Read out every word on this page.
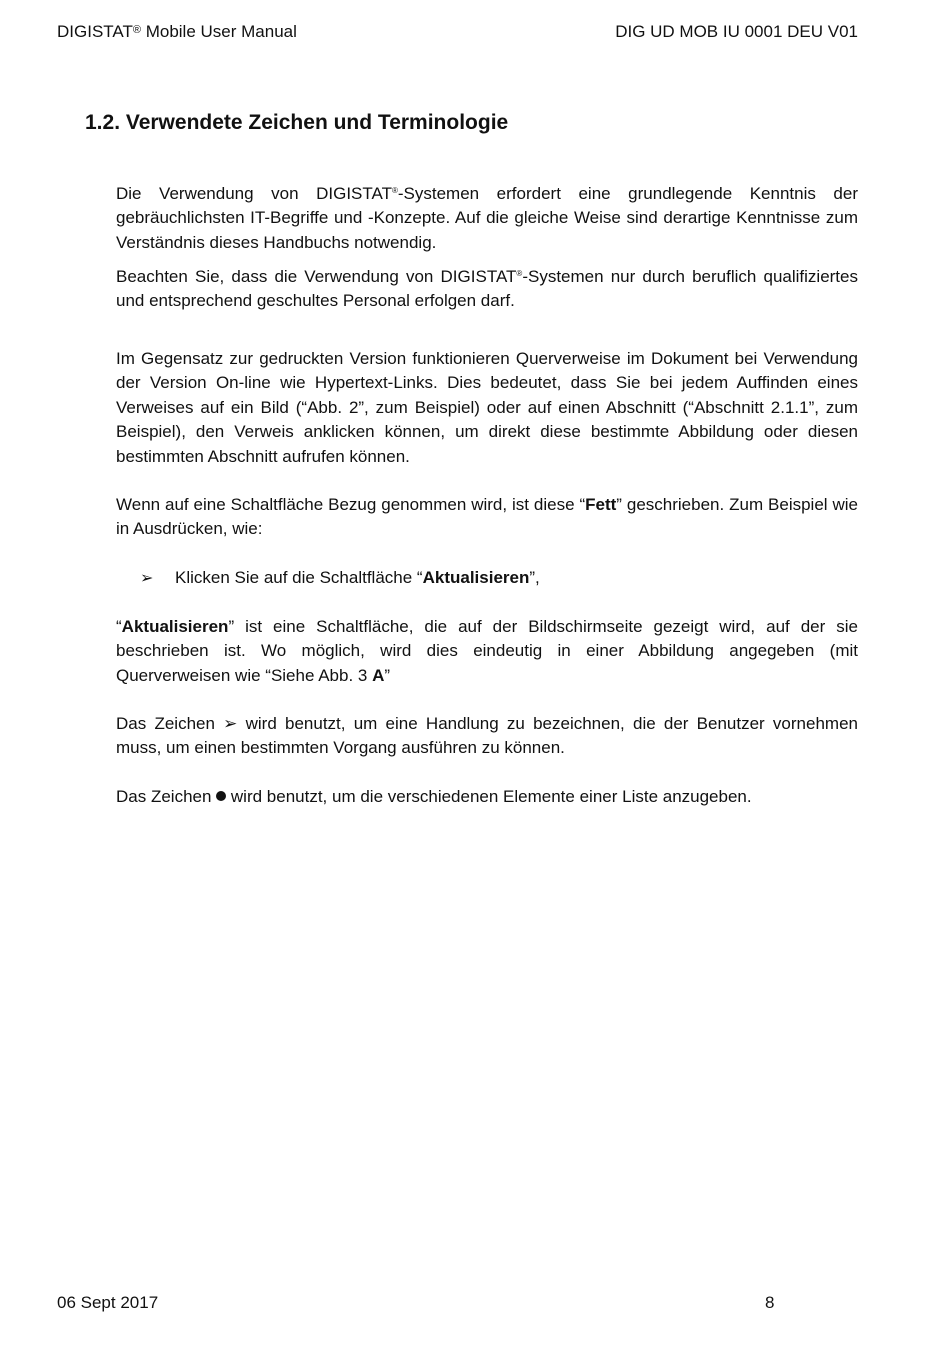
DIGISTAT® Mobile User Manual	DIG UD MOB IU 0001 DEU V01
1.2. Verwendete Zeichen und Terminologie

Die Verwendung von DIGISTAT®-Systemen erfordert eine grundlegende Kenntnis der gebräuchlichsten IT-Begriffe und -Konzepte. Auf die gleiche Weise sind derartige Kenntnisse zum Verständnis dieses Handbuchs notwendig.

Beachten Sie, dass die Verwendung von DIGISTAT®-Systemen nur durch beruflich qualifiziertes und entsprechend geschultes Personal erfolgen darf.

Im Gegensatz zur gedruckten Version funktionieren Querverweise im Dokument bei Verwendung der Version On-line wie Hypertext-Links. Dies bedeutet, dass Sie bei jedem Auffinden eines Verweises auf ein Bild (“Abb. 2”, zum Beispiel) oder auf einen Abschnitt (“Abschnitt 2.1.1”, zum Beispiel), den Verweis anklicken können, um direkt diese bestimmte Abbildung oder diesen bestimmten Abschnitt aufrufen können.

Wenn auf eine Schaltfläche Bezug genommen wird, ist diese “Fett” geschrieben. Zum Beispiel wie in Ausdrücken, wie:

➢ Klicken Sie auf die Schaltfläche “Aktualisieren”,

“Aktualisieren” ist eine Schaltfläche, die auf der Bildschirmseite gezeigt wird, auf der sie beschrieben ist. Wo möglich, wird dies eindeutig in einer Abbildung angegeben (mit Querverweisen wie “Siehe Abb. 3 A”

Das Zeichen ➢ wird benutzt, um eine Handlung zu bezeichnen, die der Benutzer vornehmen muss, um einen bestimmten Vorgang ausführen zu können.

Das Zeichen  wird benutzt, um die verschiedenen Elemente einer Liste anzugeben.

06 Sept 2017	8
